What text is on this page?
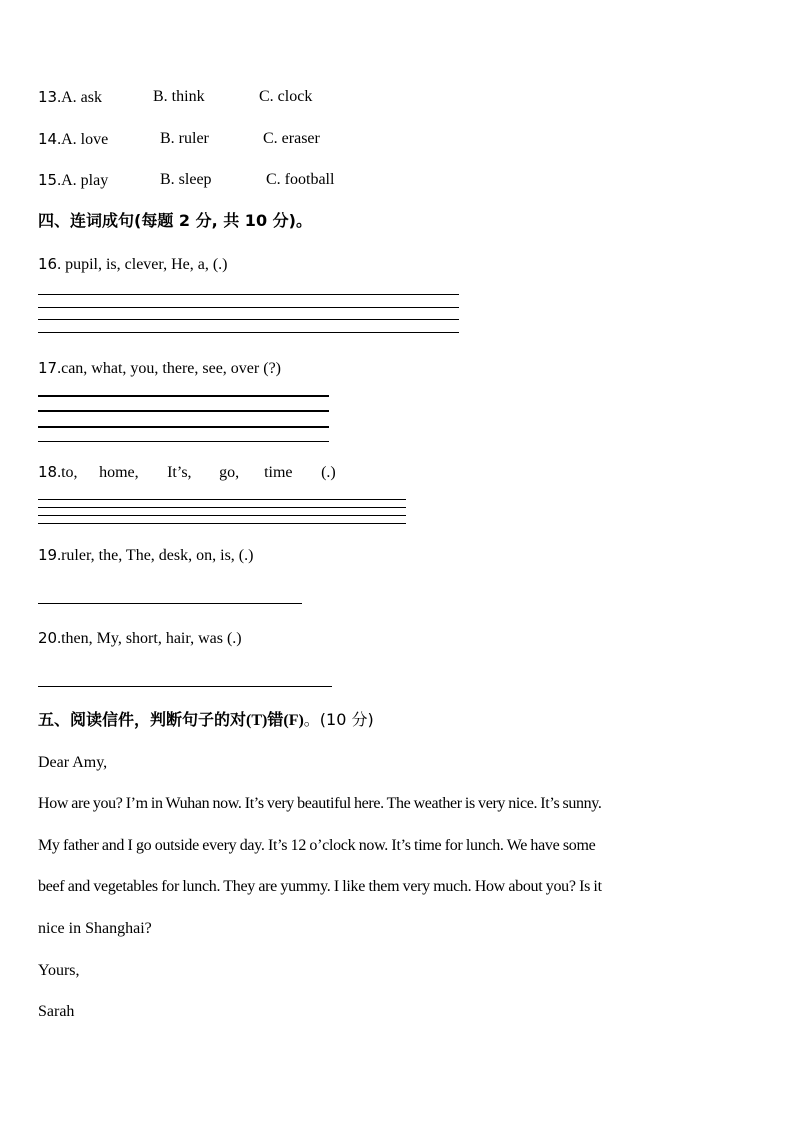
13.A. ask	B. think	C. clock
14.A. love	B. ruler	C. eraser
15.A. play	B. sleep	C. football
四、连词成句(每题 2 分, 共 10 分)。
16. pupil, is, clever, He, a, (.)
17.can, what, you, there, see, over (?)
18.to, home, It’s, go, time (.)
19.ruler, the, The, desk, on, is, (.)
20.then, My, short, hair, was (.)
五、阅读信件，判断句子的对(T)错(F)。(10 分)
Dear Amy,
How are you? I’m in Wuhan now. It’s very beautiful here. The weather is very nice. It’s sunny.
My father and I go outside every day. It’s 12 o’clock now. It’s time for lunch. We have some
beef and vegetables for lunch. They are yummy. I like them very much. How about you? Is it
nice in Shanghai?
Yours,
Sarah
